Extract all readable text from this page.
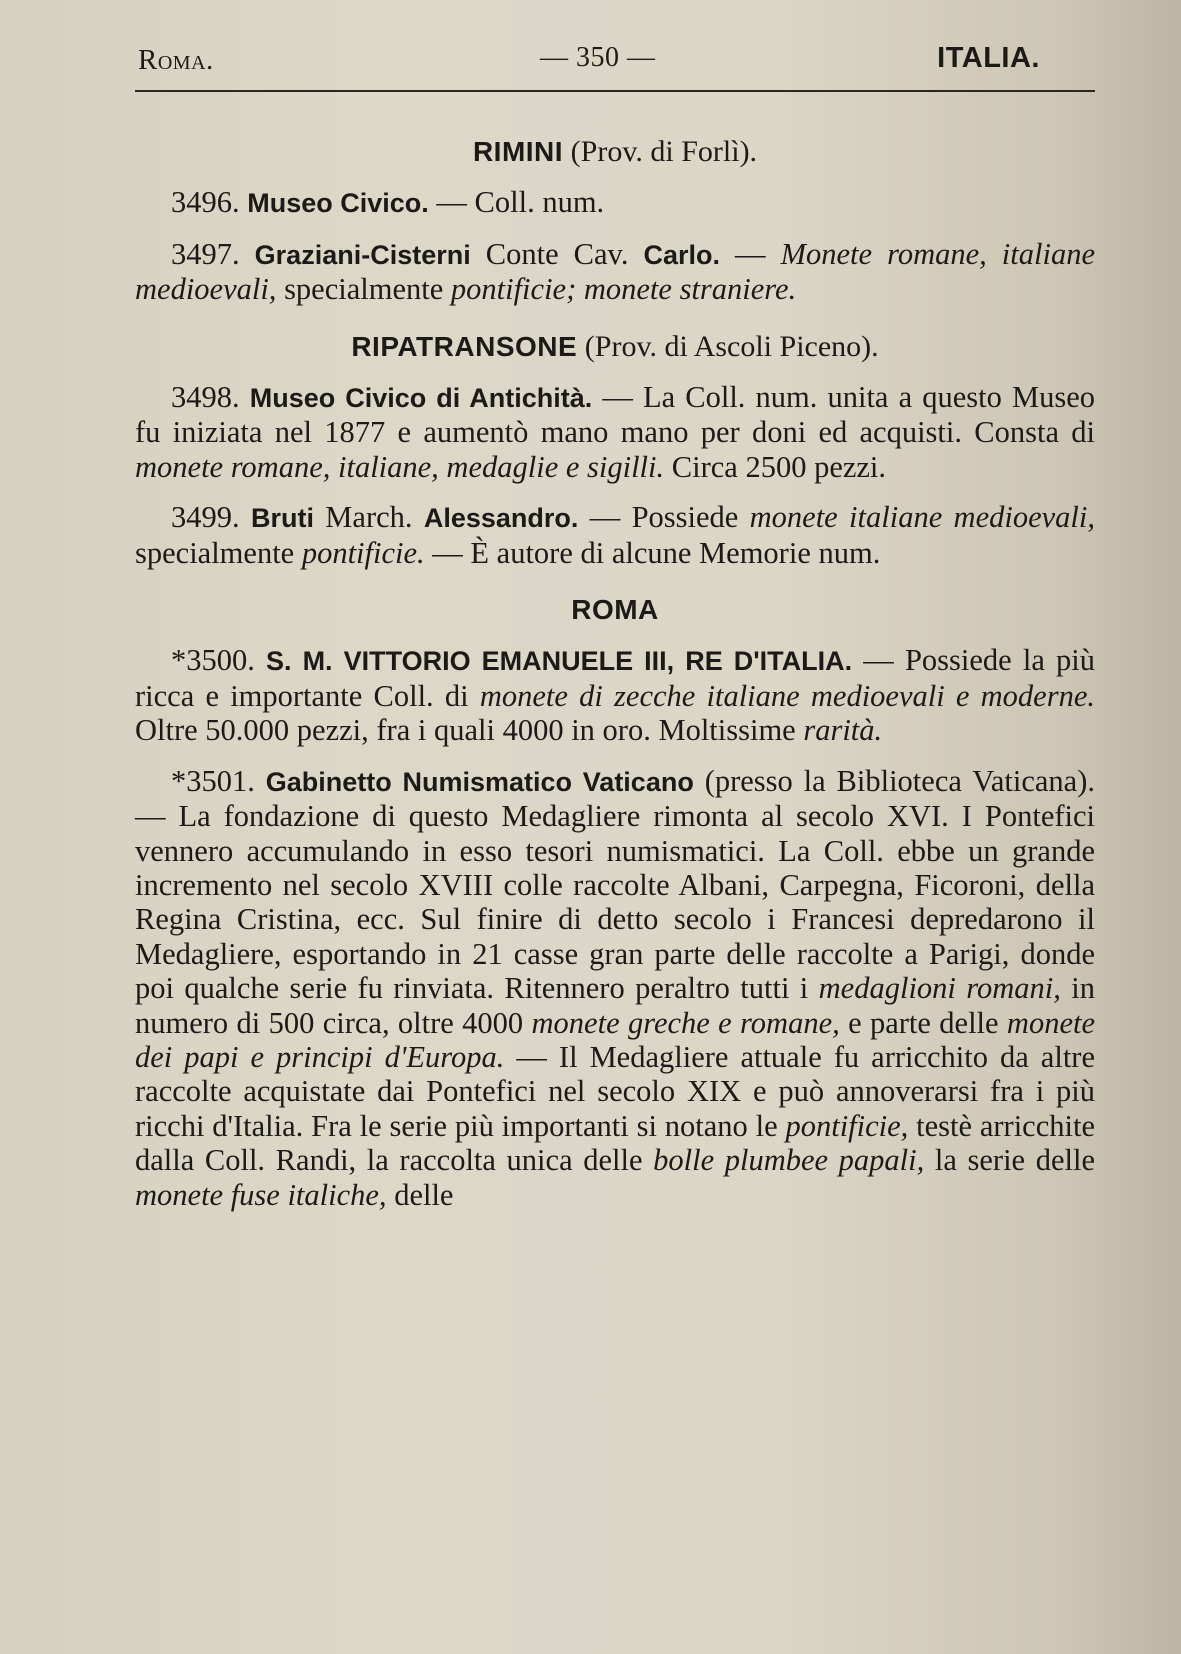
Roma.	— 350 —	ITALIA.

RIMINI (Prov. di Forlì).

3496. Museo Civico. — Coll. num.

3497. Graziani-Cisterni Conte Cav. Carlo. — Monete romane, italiane medioevali, specialmente pontificie; monete straniere.

RIPATRANSONE (Prov. di Ascoli Piceno).

3498. Museo Civico di Antichità. — La Coll. num. unita a questo Museo fu iniziata nel 1877 e aumentò mano mano per doni ed acquisti. Consta di monete romane, italiane, medaglie e sigilli. Circa 2500 pezzi.

3499. Bruti March. Alessandro. — Possiede monete italiane medioevali, specialmente pontificie. — È autore di alcune Memorie num.

ROMA

*3500. S. M. VITTORIO EMANUELE III, RE D'ITALIA. — Possiede la più ricca e importante Coll. di monete di zecche italiane medioevali e moderne. Oltre 50.000 pezzi, fra i quali 4000 in oro. Moltissime rarità.

*3501. Gabinetto Numismatico Vaticano (presso la Biblioteca Vaticana). — La fondazione di questo Medagliere rimonta al secolo XVI. I Pontefici vennero accumulando in esso tesori numismatici. La Coll. ebbe un grande incremento nel secolo XVIII colle raccolte Albani, Carpegna, Ficoroni, della Regina Cristina, ecc. Sul finire di detto secolo i Francesi depredarono il Medagliere, esportando in 21 casse gran parte delle raccolte a Parigi, donde poi qualche serie fu rinviata. Ritennero peraltro tutti i medaglioni romani, in numero di 500 circa, oltre 4000 monete greche e romane, e parte delle monete dei papi e principi d'Europa. — Il Medagliere attuale fu arricchito da altre raccolte acquistate dai Pontefici nel secolo XIX e può annoverarsi fra i più ricchi d'Italia. Fra le serie più importanti si notano le pontificie, testè arricchite dalla Coll. Randi, la raccolta unica delle bolle plumbee papali, la serie delle monete fuse italiche, delle
